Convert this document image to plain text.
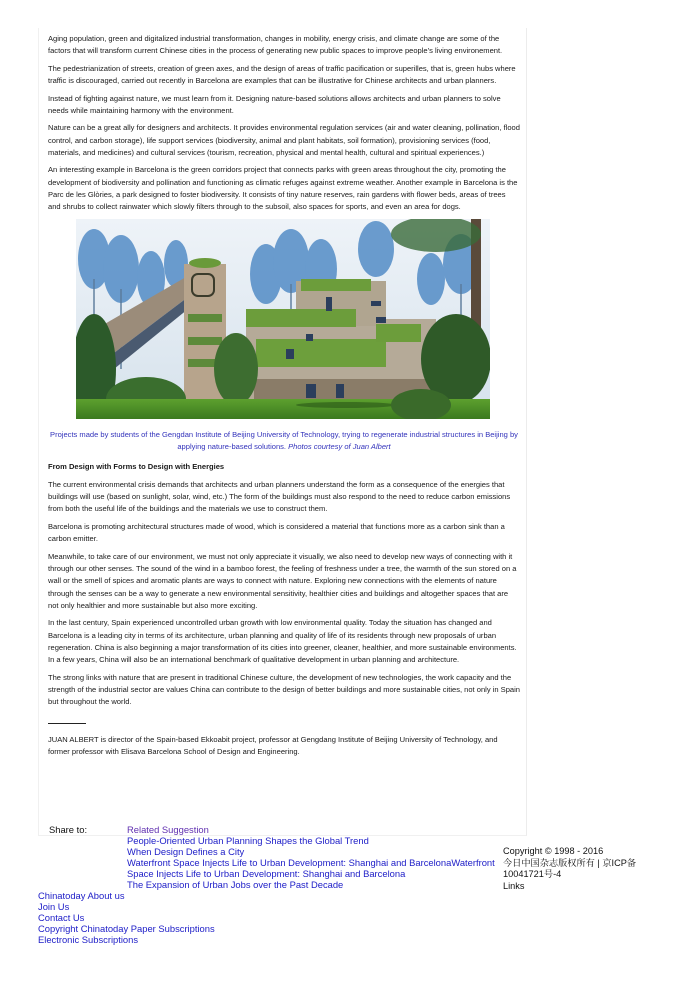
Aging population, green and digitalized industrial transformation, changes in mobility, energy crisis, and climate change are some of the factors that will transform current Chinese cities in the process of generating new public spaces to improve people’s living environement.

The pedestrianization of streets, creation of green axes, and the design of areas of traffic pacification or superilles, that is, green hubs where traffic is discouraged, carried out recently in Barcelona are examples that can be illustrative for Chinese architects and urban planners.

Instead of fighting against nature, we must learn from it. Designing nature-based solutions allows architects and urban planners to solve needs while maintaining harmony with the environment.

Nature can be a great ally for designers and architects. It provides environmental regulation services (air and water cleaning, pollination, flood control, and carbon storage), life support services (biodiversity, animal and plant habitats, soil formation), provisioning services (food, materials, and medicines) and cultural services (tourism, recreation, physical and mental health, cultural and spiritual experiences.)

An interesting example in Barcelona is the green corridors project that connects parks with green areas throughout the city, promoting the development of biodiversity and pollination and functioning as climatic refuges against extreme weather. Another example in Barcelona is the Parc de les Glòries, a park designed to foster biodiversity. It consists of tiny nature reserves, rain gardens with flower beds, areas of trees and shrubs to collect rainwater which slowly filters through to the subsoil, also spaces for sports, and even an area for dogs.

Projects made by students of the Gengdan Institute of Beijing University of Technology, trying to regenerate industrial structures in Beijing by applying nature-based solutions. Photos courtesy of Juan Albert

From Design with Forms to Design with Energies

The current environmental crisis demands that architects and urban planners understand the form as a consequence of the energies that buildings will use (based on sunlight, solar, wind, etc.) The form of the buildings must also respond to the need to reduce carbon emissions from both the useful life of the buildings and the materials we use to construct them.

Barcelona is promoting architectural structures made of wood, which is considered a material that functions more as a carbon sink than a carbon emitter.

Meanwhile, to take care of our environment, we must not only appreciate it visually, we also need to develop new ways of connecting with it through our other senses. The sound of the wind in a bamboo forest, the feeling of freshness under a tree, the warmth of the sun stored on a wall or the smell of spices and aromatic plants are ways to connect with nature. Exploring new connections with the elements of nature through the senses can be a way to generate a new environmental sensitivity, healthier cities and buildings and altogether spaces that are not only healthier and more sustainable but also more exciting.

In the last century, Spain experienced uncontrolled urban growth with low environmental quality. Today the situation has changed and Barcelona is a leading city in terms of its architecture, urban planning and quality of life of its residents through new proposals of urban regeneration. China is also beginning a major transformation of its cities into greener, cleaner, healthier, and more sustainable environments. In a few years, China will also be an international benchmark of qualitative development in urban planning and architecture.

The strong links with nature that are present in traditional Chinese culture, the development of new technologies, the work capacity and the strength of the industrial sector are values China can contribute to the design of better buildings and more sustainable cities, not only in Spain but throughout the world.

JUAN ALBERT is director of the Spain-based Ekkoabit project, professor at Gengdang Institute of Beijing University of Technology, and former professor with Elisava Barcelona School of Design and Engineering.

Share to:	Related Suggestion
People-Oriented Urban Planning Shapes the Global Trend
When Design Defines a City
Waterfront Space Injects Life to Urban Development: Shanghai and BarcelonaWaterfront
Space Injects Life to Urban Development: Shanghai and Barcelona
The Expansion of Urban Jobs over the Past Decade
Copyright © 1998 - 2016
今日中国杂志版权所有 | 京ICP备
10041721号-4
Links
Chinatoday About us
Join Us
Contact Us
Copyright Chinatoday Paper Subscriptions
Electronic Subscriptions
